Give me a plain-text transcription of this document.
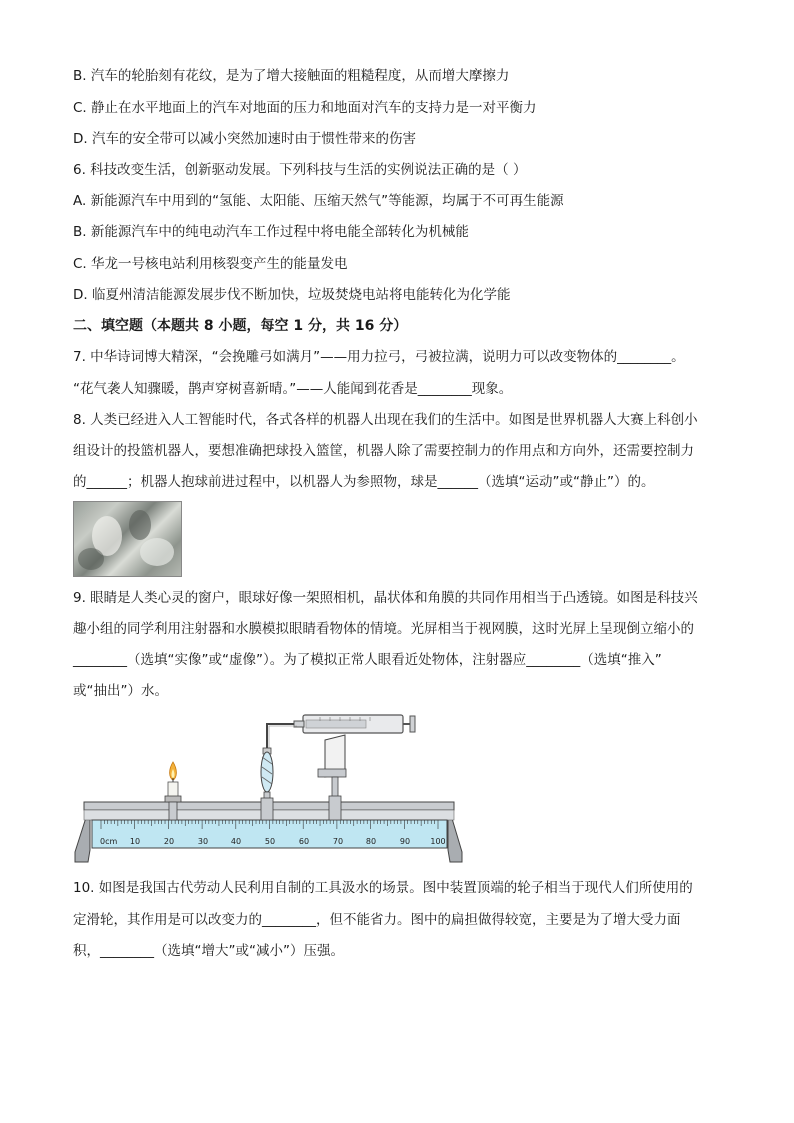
B. 汽车的轮胎刻有花纹，是为了增大接触面的粗糙程度，从而增大摩擦力
C. 静止在水平地面上的汽车对地面的压力和地面对汽车的支持力是一对平衡力
D. 汽车的安全带可以减小突然加速时由于惯性带来的伤害
6. 科技改变生活，创新驱动发展。下列科技与生活的实例说法正确的是（ ）
A. 新能源汽车中用到的“氢能、太阳能、压缩天然气”等能源，均属于不可再生能源
B. 新能源汽车中的纯电动汽车工作过程中将电能全部转化为机械能
C. 华龙一号核电站利用核裂变产生的能量发电
D. 临夏州清洁能源发展步伐不断加快，垃圾焚烧电站将电能转化为化学能
二、填空题（本题共 8 小题，每空 1 分，共 16 分）
7. 中华诗词博大精深，“会挽雕弓如满月”——用力拉弓，弓被拉满，说明力可以改变物体的________。
“花气袭人知骤暖，鹊声穿树喜新晴。”——人能闻到花香是________现象。
8. 人类已经进入人工智能时代，各式各样的机器人出现在我们的生活中。如图是世界机器人大赛上科创小
组设计的投篮机器人，要想准确把球投入篮筐，机器人除了需要控制力的作用点和方向外，还需要控制力
的______；机器人抱球前进过程中，以机器人为参照物，球是______（选填“运动”或“静止”）的。
9. 眼睛是人类心灵的窗户，眼球好像一架照相机，晶状体和角膜的共同作用相当于凸透镜。如图是科技兴
趣小组的同学利用注射器和水膜模拟眼睛看物体的情境。光屏相当于视网膜，这时光屏上呈现倒立缩小的
________（选填“实像”或“虚像”）。为了模拟正常人眼看近处物体，注射器应________（选填“推入”
或“抽出”）水。
0cm 10	20	30	40	50	60	70	80	90	100
10. 如图是我国古代劳动人民利用自制的工具汲水的场景。图中装置顶端的轮子相当于现代人们所使用的
定滑轮，其作用是可以改变力的________，但不能省力。图中的扁担做得较宽，主要是为了增大受力面
积，________（选填“增大”或“减小”）压强。
